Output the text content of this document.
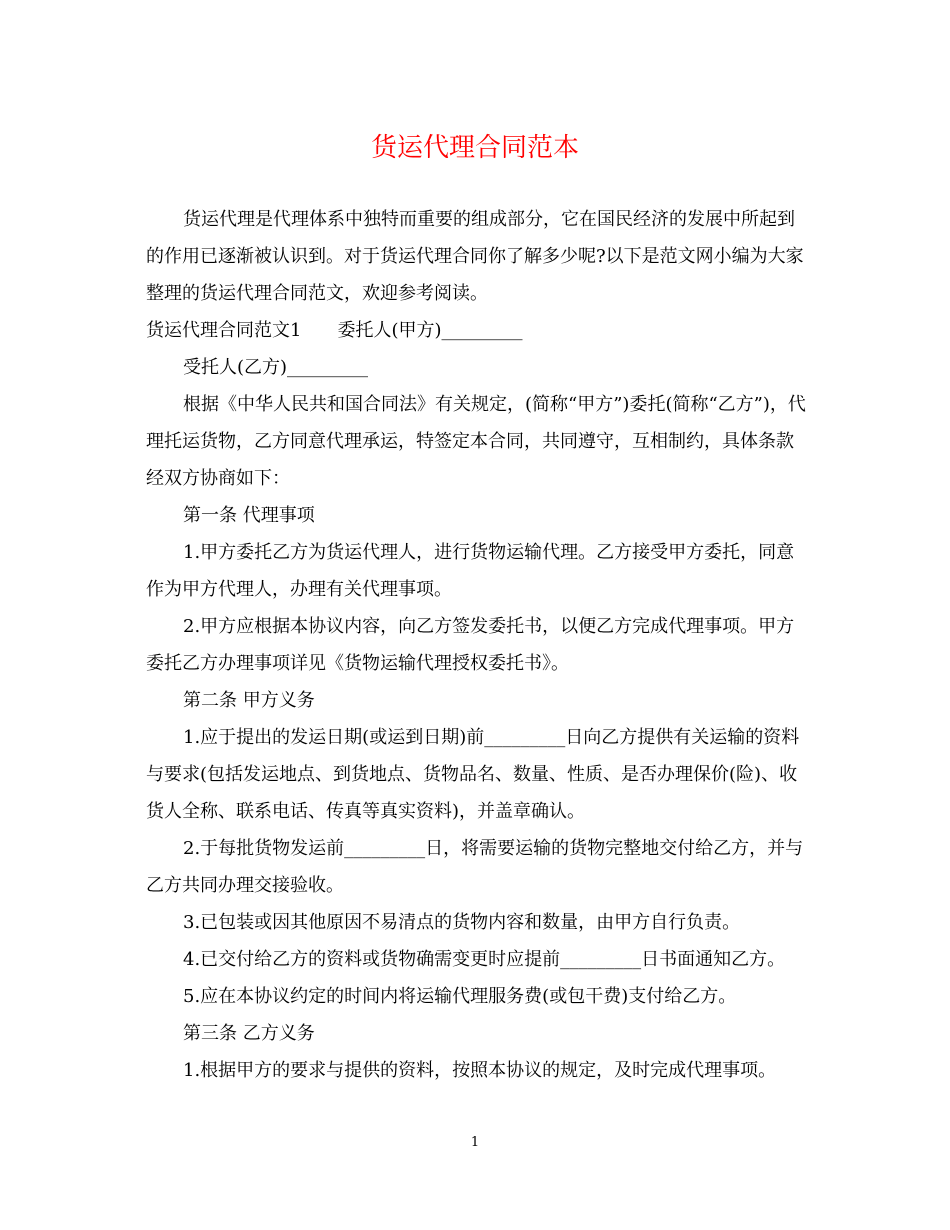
货运代理合同范本

货运代理是代理体系中独特而重要的组成部分，它在国民经济的发展中所起到的作用已逐渐被认识到。对于货运代理合同你了解多少呢?以下是范文网小编为大家整理的货运代理合同范文，欢迎参考阅读。

货运代理合同范文1　　委托人(甲方)_________

受托人(乙方)_________

根据《中华人民共和国合同法》有关规定，(简称“甲方”)委托(简称“乙方”)，代理托运货物，乙方同意代理承运，特签定本合同，共同遵守，互相制约，具体条款经双方协商如下：

第一条 代理事项

1.甲方委托乙方为货运代理人，进行货物运输代理。乙方接受甲方委托，同意作为甲方代理人，办理有关代理事项。

2.甲方应根据本协议内容，向乙方签发委托书，以便乙方完成代理事项。甲方委托乙方办理事项详见《货物运输代理授权委托书》。

第二条 甲方义务

1.应于提出的发运日期(或运到日期)前_________日向乙方提供有关运输的资料与要求(包括发运地点、到货地点、货物品名、数量、性质、是否办理保价(险)、收货人全称、联系电话、传真等真实资料)，并盖章确认。

2.于每批货物发运前_________日，将需要运输的货物完整地交付给乙方，并与乙方共同办理交接验收。

3.已包装或因其他原因不易清点的货物内容和数量，由甲方自行负责。

4.已交付给乙方的资料或货物确需变更时应提前_________日书面通知乙方。

5.应在本协议约定的时间内将运输代理服务费(或包干费)支付给乙方。

第三条 乙方义务

1.根据甲方的要求与提供的资料，按照本协议的规定，及时完成代理事项。

1
